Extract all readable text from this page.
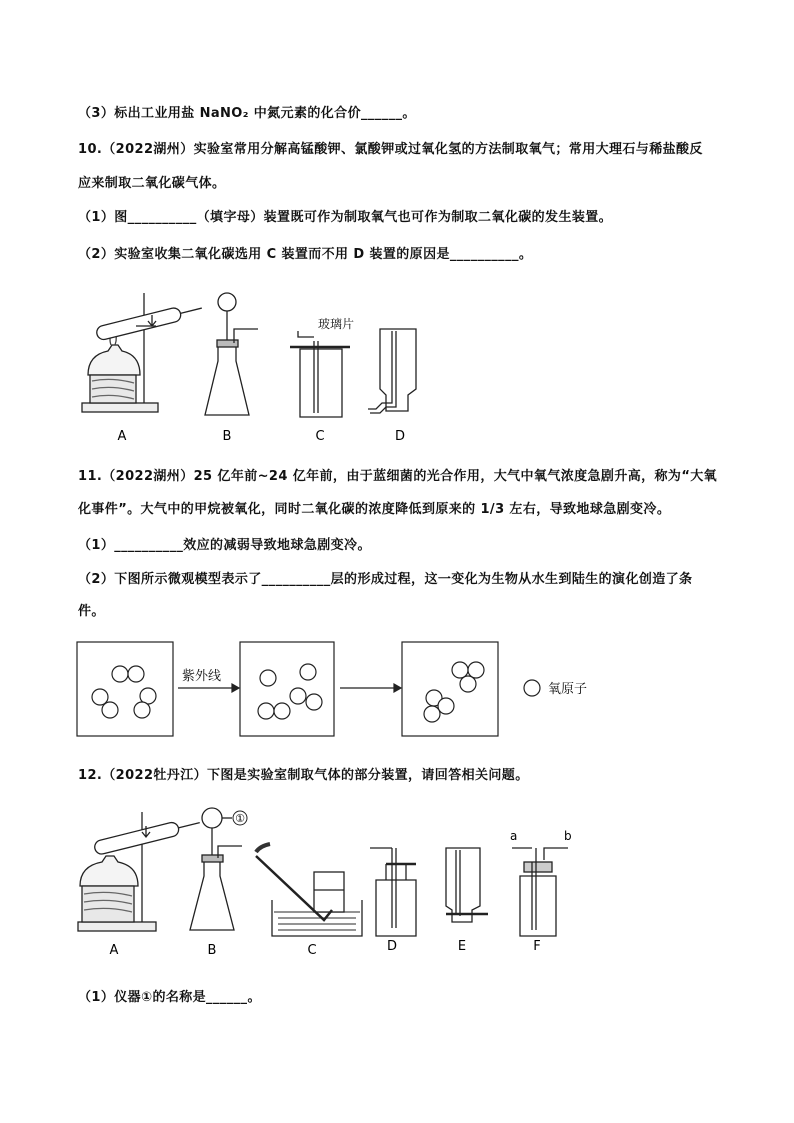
（3）标出工业用盐 NaNO₂ 中氮元素的化合价______。
10.（2022湖州）实验室常用分解高锰酸钾、氯酸钾或过氧化氢的方法制取氧气；常用大理石与稀盐酸反
应来制取二氧化碳气体。
（1）图__________（填字母）装置既可作为制取氧气也可作为制取二氧化碳的发生装置。
（2）实验室收集二氧化碳选用 C 装置而不用 D 装置的原因是__________。
玻璃片
A	B	C	D
11.（2022湖州）25 亿年前~24 亿年前，由于蓝细菌的光合作用，大气中氧气浓度急剧升高，称为“大氧
化事件”。大气中的甲烷被氧化，同时二氧化碳的浓度降低到原来的 1/3 左右，导致地球急剧变冷。
（1）__________效应的减弱导致地球急剧变冷。
（2）下图所示微观模型表示了__________层的形成过程，这一变化为生物从水生到陆生的演化创造了条
件。
紫外线
氧原子
12.（2022牡丹江）下图是实验室制取气体的部分装置，请回答相关问题。
①
a	b
A	B	C	D	E	F
（1）仪器①的名称是______。
